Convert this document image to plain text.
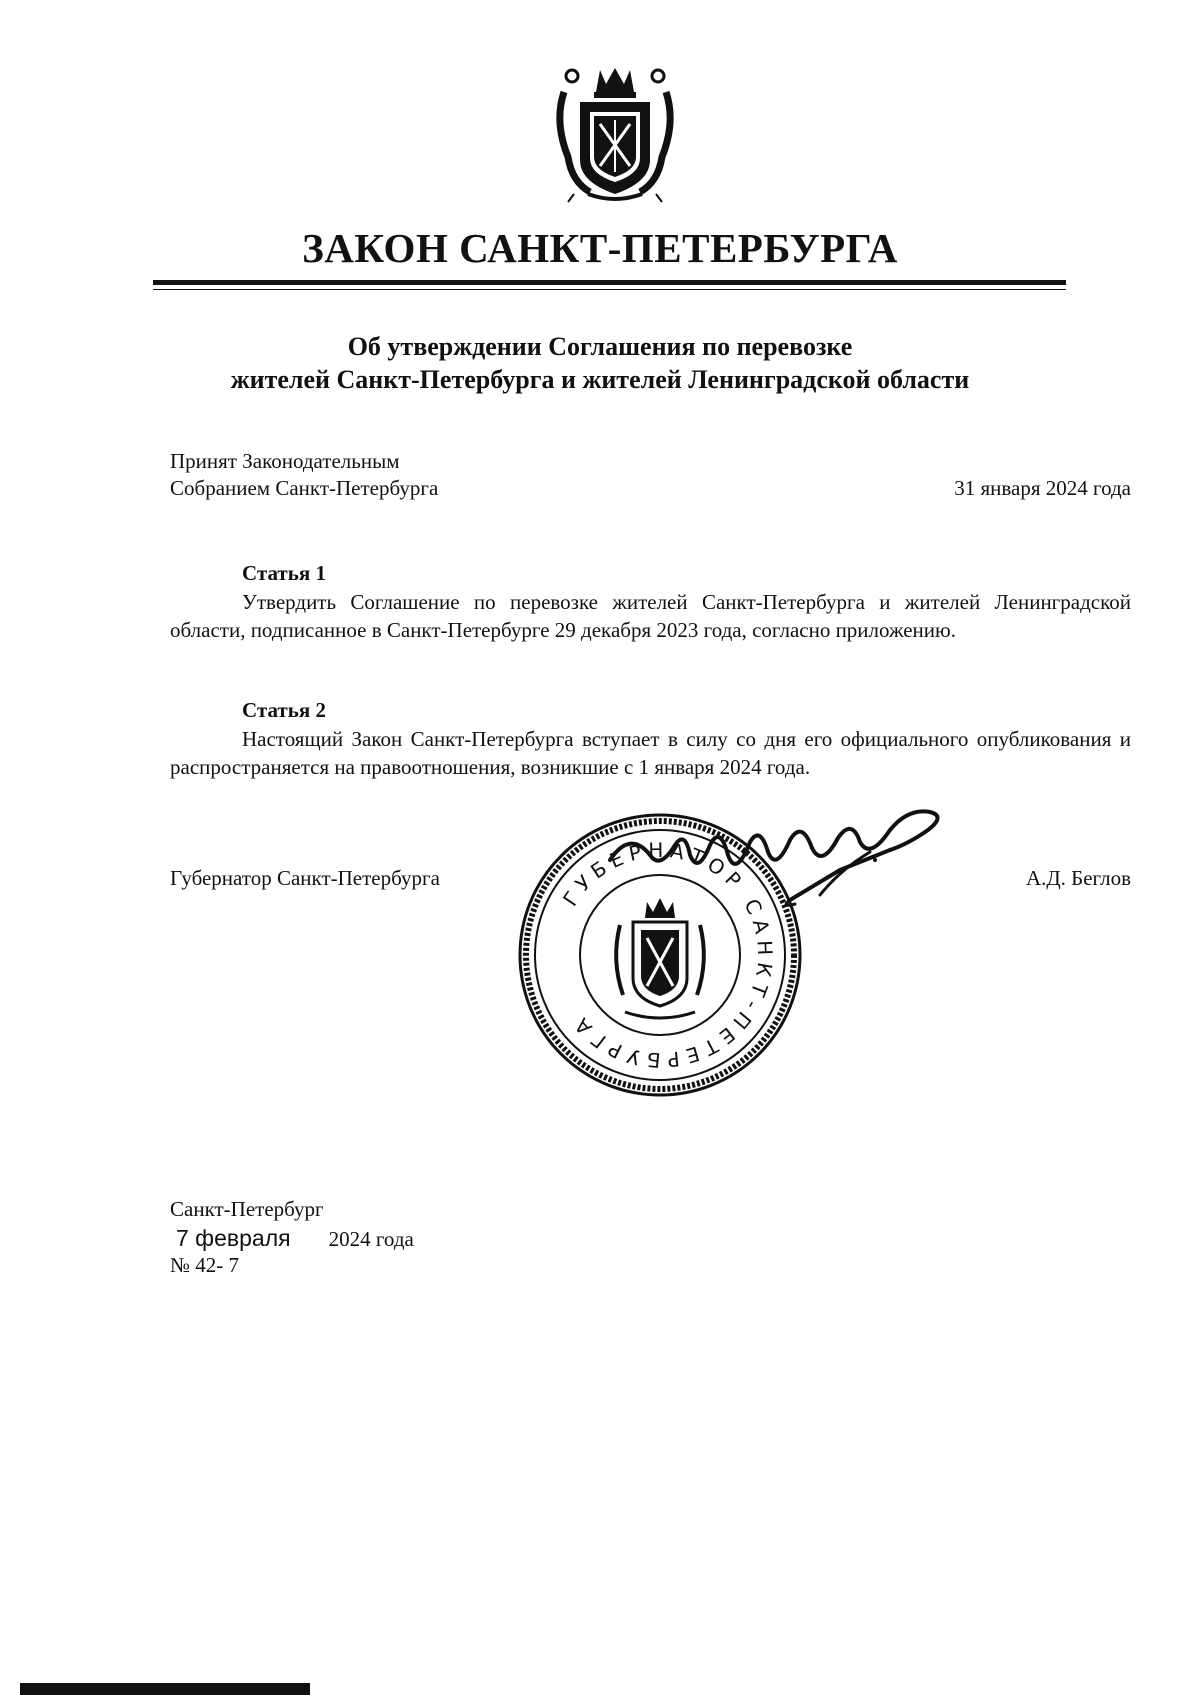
ЗАКОН САНКТ-ПЕТЕРБУРГА
Об утверждении Соглашения по перевозке
жителей Санкт-Петербурга и жителей Ленинградской области
Принят Законодательным
Собранием Санкт-Петербурга	31 января 2024 года
Статья 1
Утвердить Соглашение по перевозке жителей Санкт-Петербурга и жителей Ленинградской области, подписанное в Санкт-Петербурге 29 декабря 2023 года, согласно приложению.
Статья 2
Настоящий Закон Санкт-Петербурга вступает в силу со дня его официального опубликования и распространяется на правоотношения, возникшие с 1 января 2024 года.
Губернатор Санкт-Петербурга	А.Д. Беглов
ГУБЕРНАТОР САНКТ-ПЕТЕРБУРГА
Санкт-Петербург
7 февраля 2024 года
№ 42- 7
